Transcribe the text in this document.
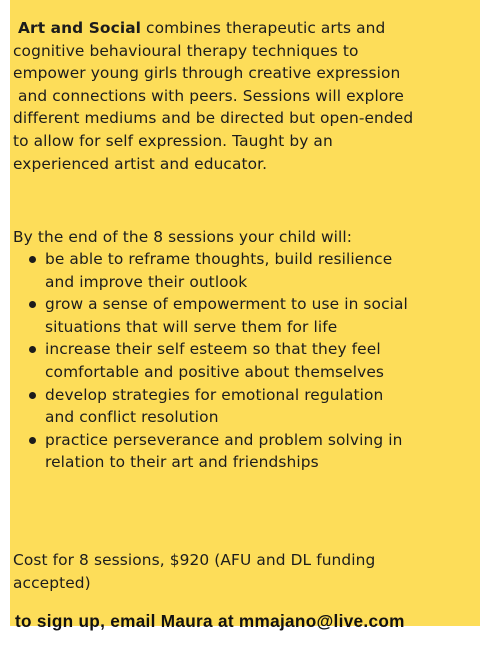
Art and Social combines therapeutic arts and
cognitive behavioural therapy techniques to
empower young girls through creative expression
and connections with peers. Sessions will explore
different mediums and be directed but open-ended
to allow for self expression. Taught by an
experienced artist and educator.

By the end of the 8 sessions your child will:

be able to reframe thoughts, build resilience
and improve their outlook
grow a sense of empowerment to use in social
situations that will serve them for life
increase their self esteem so that they feel
comfortable and positive about themselves
develop strategies for emotional regulation
and conflict resolution
practice perseverance and problem solving in
relation to their art and friendships

Cost for 8 sessions, $920 (AFU and DL funding
accepted)

to sign up, email Maura at mmajano@live.com
